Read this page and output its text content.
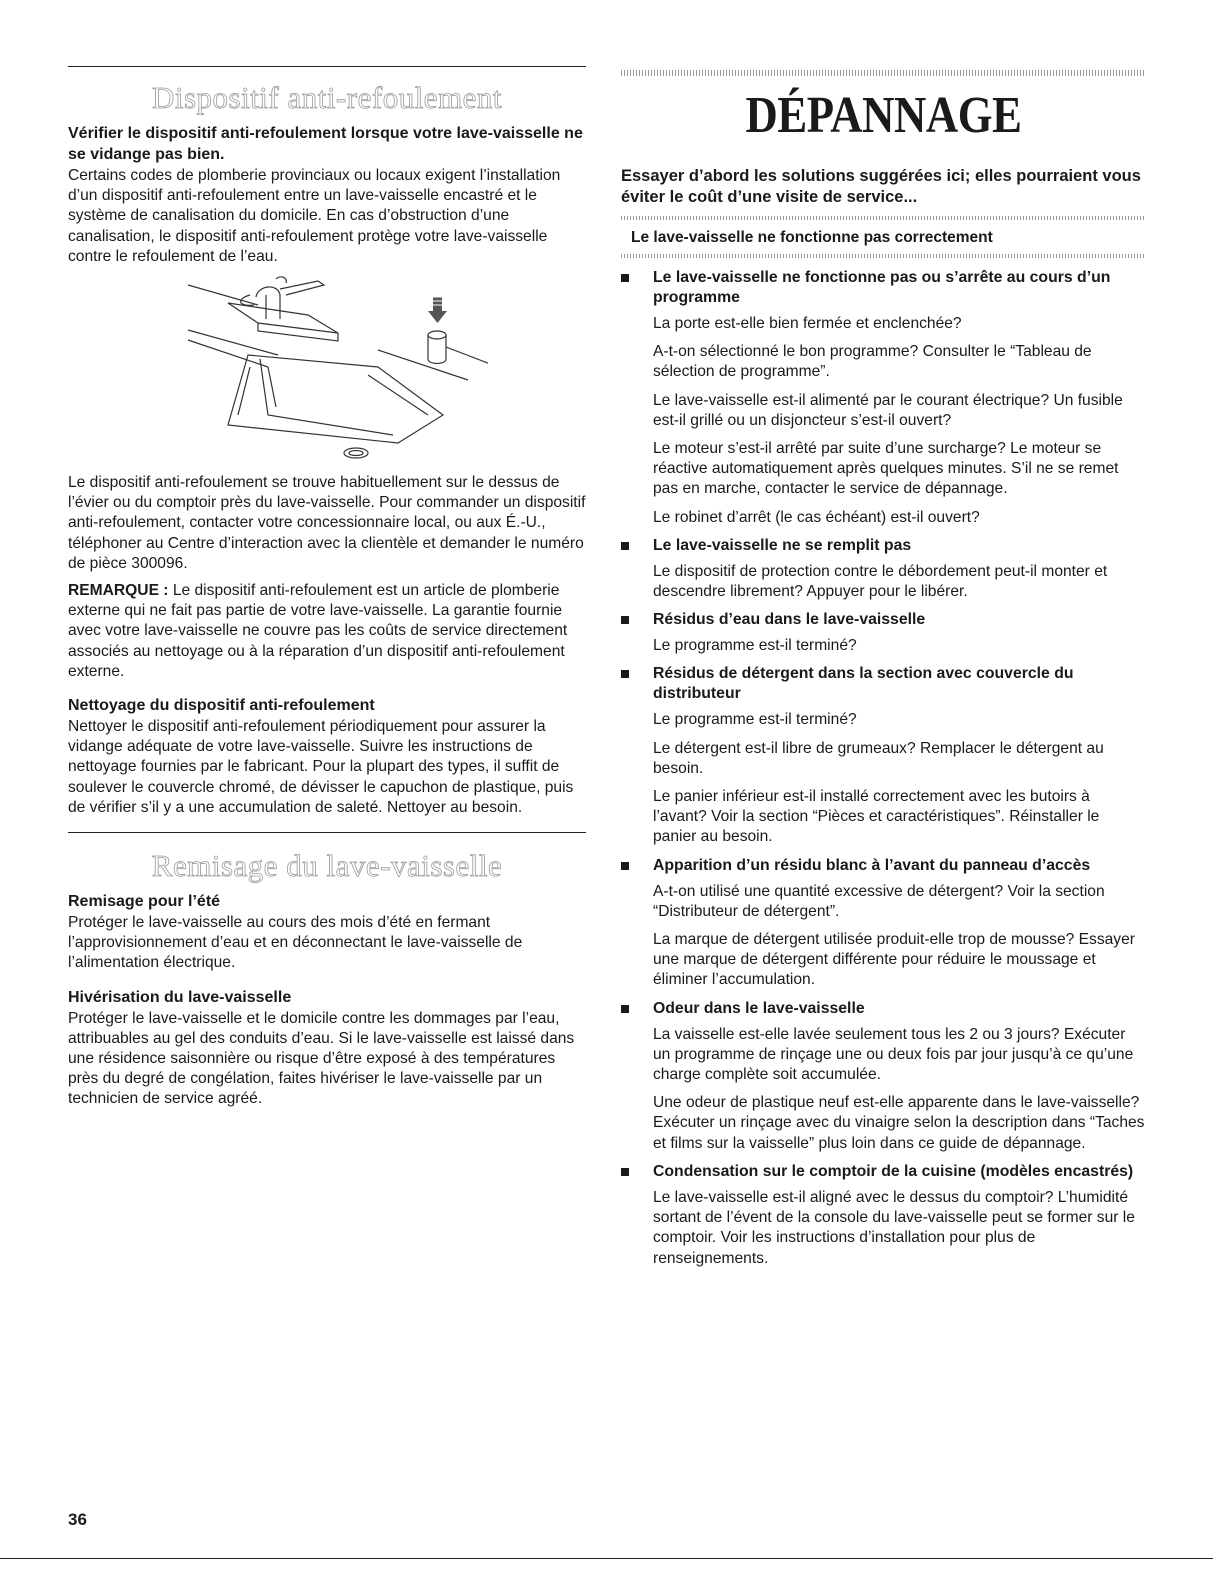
Dispositif anti-refoulement
Vérifier le dispositif anti-refoulement lorsque votre lave-vaisselle ne se vidange pas bien.

Certains codes de plomberie provinciaux ou locaux exigent l’installation d’un dispositif anti-refoulement entre un lave-vaisselle encastré et le système de canalisation du domicile. En cas d’obstruction d’une canalisation, le dispositif anti-refoulement protège votre lave-vaisselle contre le refoulement de l’eau.

Le dispositif anti-refoulement se trouve habituellement sur le dessus de l’évier ou du comptoir près du lave-vaisselle. Pour commander un dispositif anti-refoulement, contacter votre concessionnaire local, ou aux É.-U., téléphoner au Centre d’interaction avec la clientèle et demander le numéro de pièce 300096.

REMARQUE : Le dispositif anti-refoulement est un article de plomberie externe qui ne fait pas partie de votre lave-vaisselle. La garantie fournie avec votre lave-vaisselle ne couvre pas les coûts de service directement associés au nettoyage ou à la réparation d’un dispositif anti-refoulement externe.

Nettoyage du dispositif anti-refoulement

Nettoyer le dispositif anti-refoulement périodiquement pour assurer la vidange adéquate de votre lave-vaisselle. Suivre les instructions de nettoyage fournies par le fabricant. Pour la plupart des types, il suffit de soulever le couvercle chromé, de dévisser le capuchon de plastique, puis de vérifier s’il y a une accumulation de saleté. Nettoyer au besoin.

Remisage du lave-vaisselle
Remisage pour l’été

Protéger le lave-vaisselle au cours des mois d’été en fermant l’approvisionnement d’eau et en déconnectant le lave-vaisselle de l’alimentation électrique.

Hivérisation du lave-vaisselle

Protéger le lave-vaisselle et le domicile contre les dommages par l’eau, attribuables au gel des conduits d’eau. Si le lave-vaisselle est laissé dans une résidence saisonnière ou risque d’être exposé à des températures près du degré de congélation, faites hivériser le lave-vaisselle par un technicien de service agréé.

DÉPANNAGE
Essayer d’abord les solutions suggérées ici; elles pourraient vous éviter le coût d’une visite de service...
Le lave-vaisselle ne fonctionne pas correctement
Le lave-vaisselle ne fonctionne pas ou s’arrête au cours d’un programme

La porte est-elle bien fermée et enclenchée?

A-t-on sélectionné le bon programme? Consulter le “Tableau de sélection de programme”.

Le lave-vaisselle est-il alimenté par le courant électrique? Un fusible est-il grillé ou un disjoncteur s’est-il ouvert?

Le moteur s’est-il arrêté par suite d’une surcharge? Le moteur se réactive automatiquement après quelques minutes. S’il ne se remet pas en marche, contacter le service de dépannage.

Le robinet d’arrêt (le cas échéant) est-il ouvert?

Le lave-vaisselle ne se remplit pas

Le dispositif de protection contre le débordement peut-il monter et descendre librement? Appuyer pour le libérer.

Résidus d’eau dans le lave-vaisselle

Le programme est-il terminé?

Résidus de détergent dans la section avec couvercle du distributeur

Le programme est-il terminé?

Le détergent est-il libre de grumeaux? Remplacer le détergent au besoin.

Le panier inférieur est-il installé correctement avec les butoirs à l’avant? Voir la section “Pièces et caractéristiques”. Réinstaller le panier au besoin.

Apparition d’un résidu blanc à l’avant du panneau d’accès

A-t-on utilisé une quantité excessive de détergent? Voir la section “Distributeur de détergent”.

La marque de détergent utilisée produit-elle trop de mousse? Essayer une marque de détergent différente pour réduire le moussage et éliminer l’accumulation.

Odeur dans le lave-vaisselle

La vaisselle est-elle lavée seulement tous les 2 ou 3 jours? Exécuter un programme de rinçage une ou deux fois par jour jusqu’à ce qu’une charge complète soit accumulée.

Une odeur de plastique neuf est-elle apparente dans le lave-vaisselle? Exécuter un rinçage avec du vinaigre selon la description dans “Taches et films sur la vaisselle” plus loin dans ce guide de dépannage.

Condensation sur le comptoir de la cuisine (modèles encastrés)

Le lave-vaisselle est-il aligné avec le dessus du comptoir? L’humidité sortant de l’évent de la console du lave-vaisselle peut se former sur le comptoir. Voir les instructions d’installation pour plus de renseignements.

36
